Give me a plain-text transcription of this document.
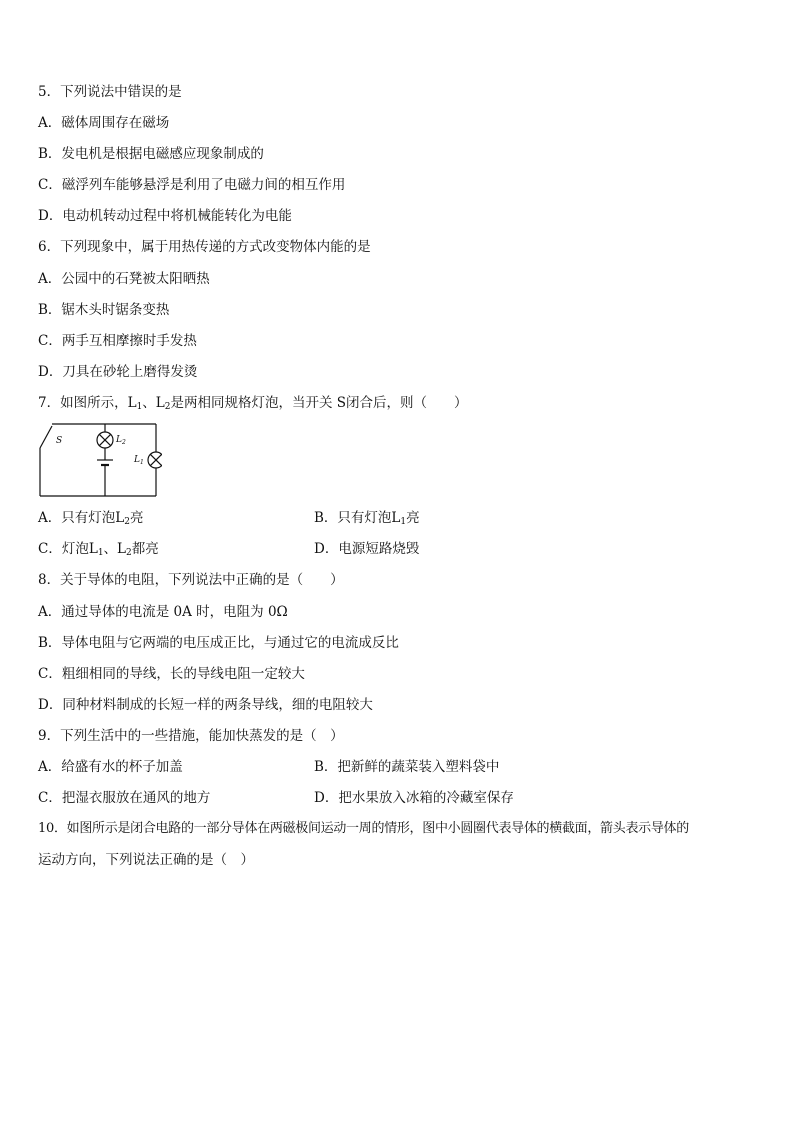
5．下列说法中错误的是
A．磁体周围存在磁场
B．发电机是根据电磁感应现象制成的
C．磁浮列车能够悬浮是利用了电磁力间的相互作用
D．电动机转动过程中将机械能转化为电能
6．下列现象中，属于用热传递的方式改变物体内能的是
A．公园中的石凳被太阳晒热
B．锯木头时锯条变热
C．两手互相摩擦时手发热
D．刀具在砂轮上磨得发烫
7．如图所示，$L_1$、$L_2$是两相同规格灯泡，当开关 S闭合后，则（　　）
S	$L_2$
$L_1$
A．只有灯泡$L_2$亮	B．只有灯泡$L_1$亮
C．灯泡$L_1$、$L_2$都亮	D．电源短路烧毁
8．关于导体的电阻，下列说法中正确的是（　　）
A．通过导体的电流是 0A 时，电阻为 0Ω
B．导体电阻与它两端的电压成正比，与通过它的电流成反比
C．粗细相同的导线，长的导线电阻一定较大
D．同种材料制成的长短一样的两条导线，细的电阻较大
9．下列生活中的一些措施，能加快蒸发的是（　）
A．给盛有水的杯子加盖	B．把新鲜的蔬菜装入塑料袋中
C．把湿衣服放在通风的地方	D．把水果放入冰箱的冷藏室保存
10．如图所示是闭合电路的一部分导体在两磁极间运动一周的情形，图中小圆圈代表导体的横截面，箭头表示导体的
运动方向，下列说法正确的是（　）
